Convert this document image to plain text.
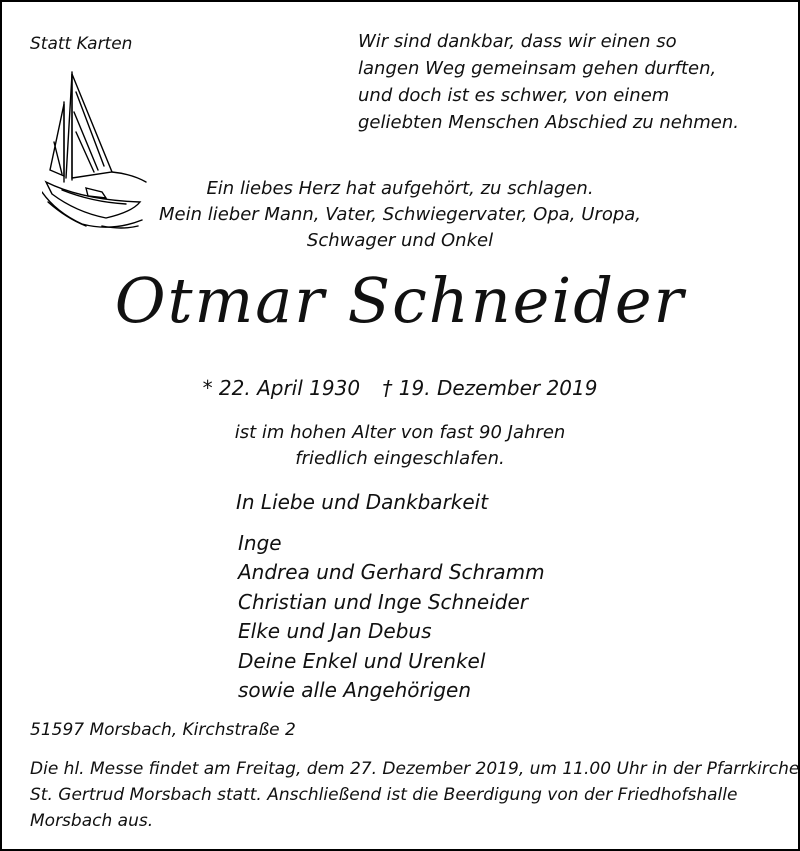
Statt Karten	Wir sind dankbar, dass wir einen so
langen Weg gemeinsam gehen durften,
und doch ist es schwer, von einem
geliebten Menschen Abschied zu nehmen.
Ein liebes Herz hat aufgehört, zu schlagen.
Mein lieber Mann, Vater, Schwiegervater, Opa, Uropa,
Schwager und Onkel
Otmar Schneider
* 22. April 1930 † 19. Dezember 2019
ist im hohen Alter von fast 90 Jahren
friedlich eingeschlafen.
In Liebe und Dankbarkeit
Inge
Andrea und Gerhard Schramm
Christian und Inge Schneider
Elke und Jan Debus
Deine Enkel und Urenkel
sowie alle Angehörigen
51597 Morsbach, Kirchstraße 2
Die hl. Messe findet am Freitag, dem 27. Dezember 2019, um 11.00 Uhr in der Pfarrkirche
St. Gertrud Morsbach statt. Anschließend ist die Beerdigung von der Friedhofshalle
Morsbach aus.
